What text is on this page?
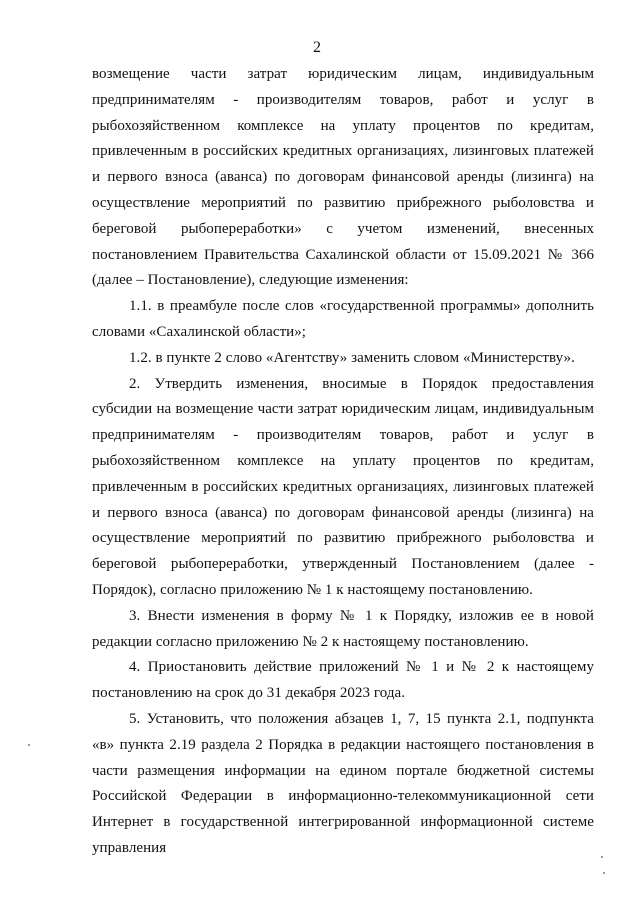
2

возмещение части затрат юридическим лицам, индивидуальным предпринимателям - производителям товаров, работ и услуг в рыбохозяйственном комплексе на уплату процентов по кредитам, привлеченным в российских кредитных организациях, лизинговых платежей и первого взноса (аванса) по договорам финансовой аренды (лизинга) на осуществление мероприятий по развитию прибрежного рыболовства и береговой рыбопереработки» с учетом изменений, внесенных постановлением Правительства Сахалинской области от 15.09.2021 № 366 (далее – Постановление), следующие изменения:

1.1. в преамбуле после слов «государственной программы» дополнить словами «Сахалинской области»;

1.2. в пункте 2 слово «Агентству» заменить словом «Министерству».

2. Утвердить изменения, вносимые в Порядок предоставления субсидии на возмещение части затрат юридическим лицам, индивидуальным предпринимателям - производителям товаров, работ и услуг в рыбохозяйственном комплексе на уплату процентов по кредитам, привлеченным в российских кредитных организациях, лизинговых платежей и первого взноса (аванса) по договорам финансовой аренды (лизинга) на осуществление мероприятий по развитию прибрежного рыболовства и береговой рыбопереработки, утвержденный Постановлением (далее - Порядок), согласно приложению № 1 к настоящему постановлению.

3. Внести изменения в форму № 1 к Порядку, изложив ее в новой редакции согласно приложению № 2 к настоящему постановлению.

4. Приостановить действие приложений № 1 и № 2 к настоящему постановлению на срок до 31 декабря 2023 года.

5. Установить, что положения абзацев 1, 7, 15 пункта 2.1, подпункта «в» пункта 2.19 раздела 2 Порядка в редакции настоящего постановления в части размещения информации на едином портале бюджетной системы Российской Федерации в информационно-телекоммуникационной сети Интернет в государственной интегрированной информационной системе управления
